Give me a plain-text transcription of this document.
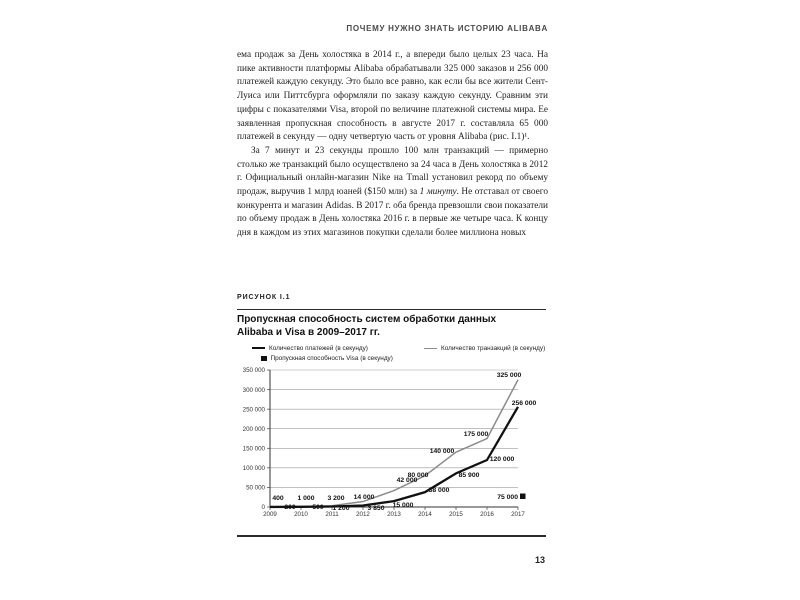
ПОЧЕМУ НУЖНО ЗНАТЬ ИСТОРИЮ ALIBABA

ема продаж за День холостяка в 2014 г., а впереди было целых 23 часа. На пике активности платформы Alibaba обрабатывали 325 000 заказов и 256 000 платежей каждую секунду. Это было все равно, как если бы все жители Сент-Луиса или Питтсбурга оформляли по заказу каждую секунду. Сравним эти цифры с показателями Visa, второй по величине платежной системы мира. Ее заявленная пропускная способность в августе 2017 г. составляла 65 000 платежей в секунду — одну четвертую часть от уровня Alibaba (рис. I.1)¹.

За 7 минут и 23 секунды прошло 100 млн транзакций — примерно столько же транзакций было осуществлено за 24 часа в День холостяка в 2012 г. Официальный онлайн-магазин Nike на Tmall установил рекорд по объему продаж, выручив 1 млрд юаней ($150 млн) за 1 минуту. Не отставал от своего конкурента и магазин Adidas. В 2017 г. оба бренда превзошли свои показатели по объему продаж в День холостяка 2016 г. в первые же четыре часа. К концу дня в каждом из этих магазинов покупки сделали более миллиона новых

РИСУНОК I.1
Пропускная способность систем обработки данных
Alibaba и Visa в 2009–2017 гг.
Количество платежей (в секунду)	Количество транзакций (в секунду)
Пропускная способность Visa (в секунду)
0
50 000
100 000
150 000
200 000
250 000
300 000
350 000
2009	2010	2011	2012	2013	2014	2015	2016	2017
200 500 1 200	3 850 15 000
38 000
85 900
120 000
256 000
400 1 000 3 200 14 000
42 000
80 000
140 000
175 000
325 000
75 000
13
